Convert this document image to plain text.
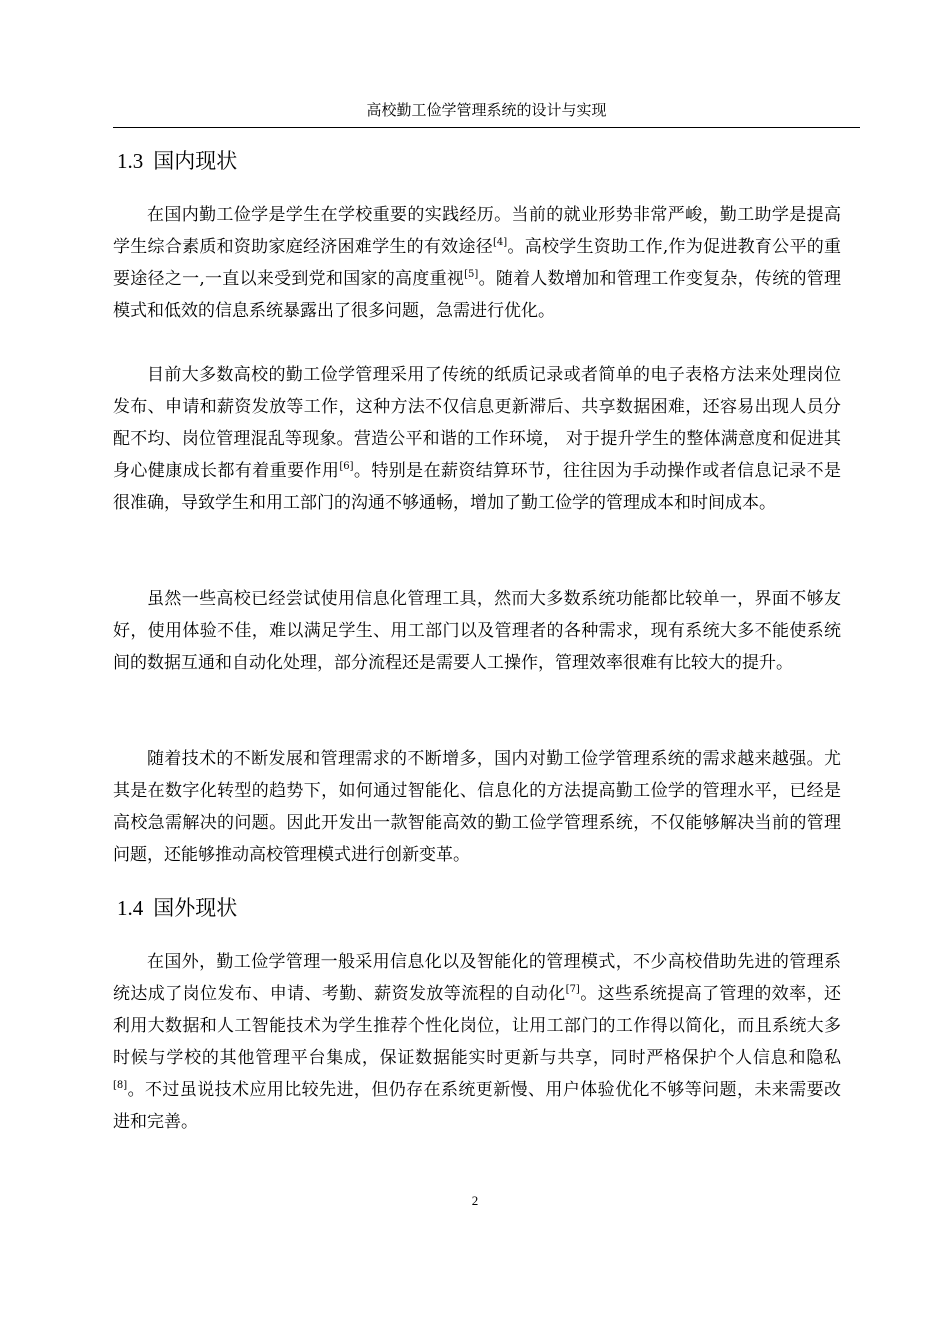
高校勤工俭学管理系统的设计与实现
1.3 国内现状

在国内勤工俭学是学生在学校重要的实践经历。当前的就业形势非常严峻，勤工助学是提高学生综合素质和资助家庭经济困难学生的有效途径[4]。高校学生资助工作,作为促进教育公平的重要途径之一,一直以来受到党和国家的高度重视[5]。随着人数增加和管理工作变复杂，传统的管理模式和低效的信息系统暴露出了很多问题，急需进行优化。

目前大多数高校的勤工俭学管理采用了传统的纸质记录或者简单的电子表格方法来处理岗位发布、申请和薪资发放等工作，这种方法不仅信息更新滞后、共享数据困难，还容易出现人员分配不均、岗位管理混乱等现象。营造公平和谐的工作环境， 对于提升学生的整体满意度和促进其身心健康成长都有着重要作用[6]。特别是在薪资结算环节，往往因为手动操作或者信息记录不是很准确，导致学生和用工部门的沟通不够通畅，增加了勤工俭学的管理成本和时间成本。

虽然一些高校已经尝试使用信息化管理工具，然而大多数系统功能都比较单一，界面不够友好，使用体验不佳，难以满足学生、用工部门以及管理者的各种需求，现有系统大多不能使系统间的数据互通和自动化处理，部分流程还是需要人工操作，管理效率很难有比较大的提升。

随着技术的不断发展和管理需求的不断增多，国内对勤工俭学管理系统的需求越来越强。尤其是在数字化转型的趋势下，如何通过智能化、信息化的方法提高勤工俭学的管理水平，已经是高校急需解决的问题。因此开发出一款智能高效的勤工俭学管理系统，不仅能够解决当前的管理问题，还能够推动高校管理模式进行创新变革。

1.4 国外现状

在国外，勤工俭学管理一般采用信息化以及智能化的管理模式，不少高校借助先进的管理系统达成了岗位发布、申请、考勤、薪资发放等流程的自动化[7]。这些系统提高了管理的效率，还利用大数据和人工智能技术为学生推荐个性化岗位，让用工部门的工作得以简化，而且系统大多时候与学校的其他管理平台集成，保证数据能实时更新与共享，同时严格保护个人信息和隐私[8]。不过虽说技术应用比较先进，但仍存在系统更新慢、用户体验优化不够等问题，未来需要改进和完善。

2
